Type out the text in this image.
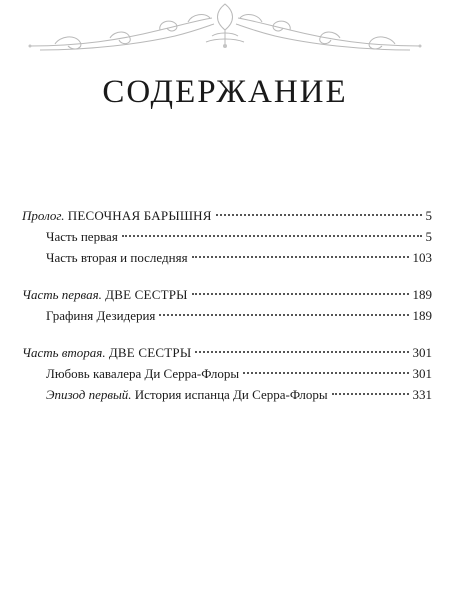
СОДЕРЖАНИЕ
Пролог. ПЕСОЧНАЯ БАРЫШНЯ	5
Часть первая	5
Часть вторая и последняя	103
Часть первая. ДВЕ СЕСТРЫ	189
Графиня Дезидерия	189
Часть вторая. ДВЕ СЕСТРЫ	301
Любовь кавалера Ди Серра-Флоры	301
Эпизод первый. История испанца Ди Серра-Флоры	331
